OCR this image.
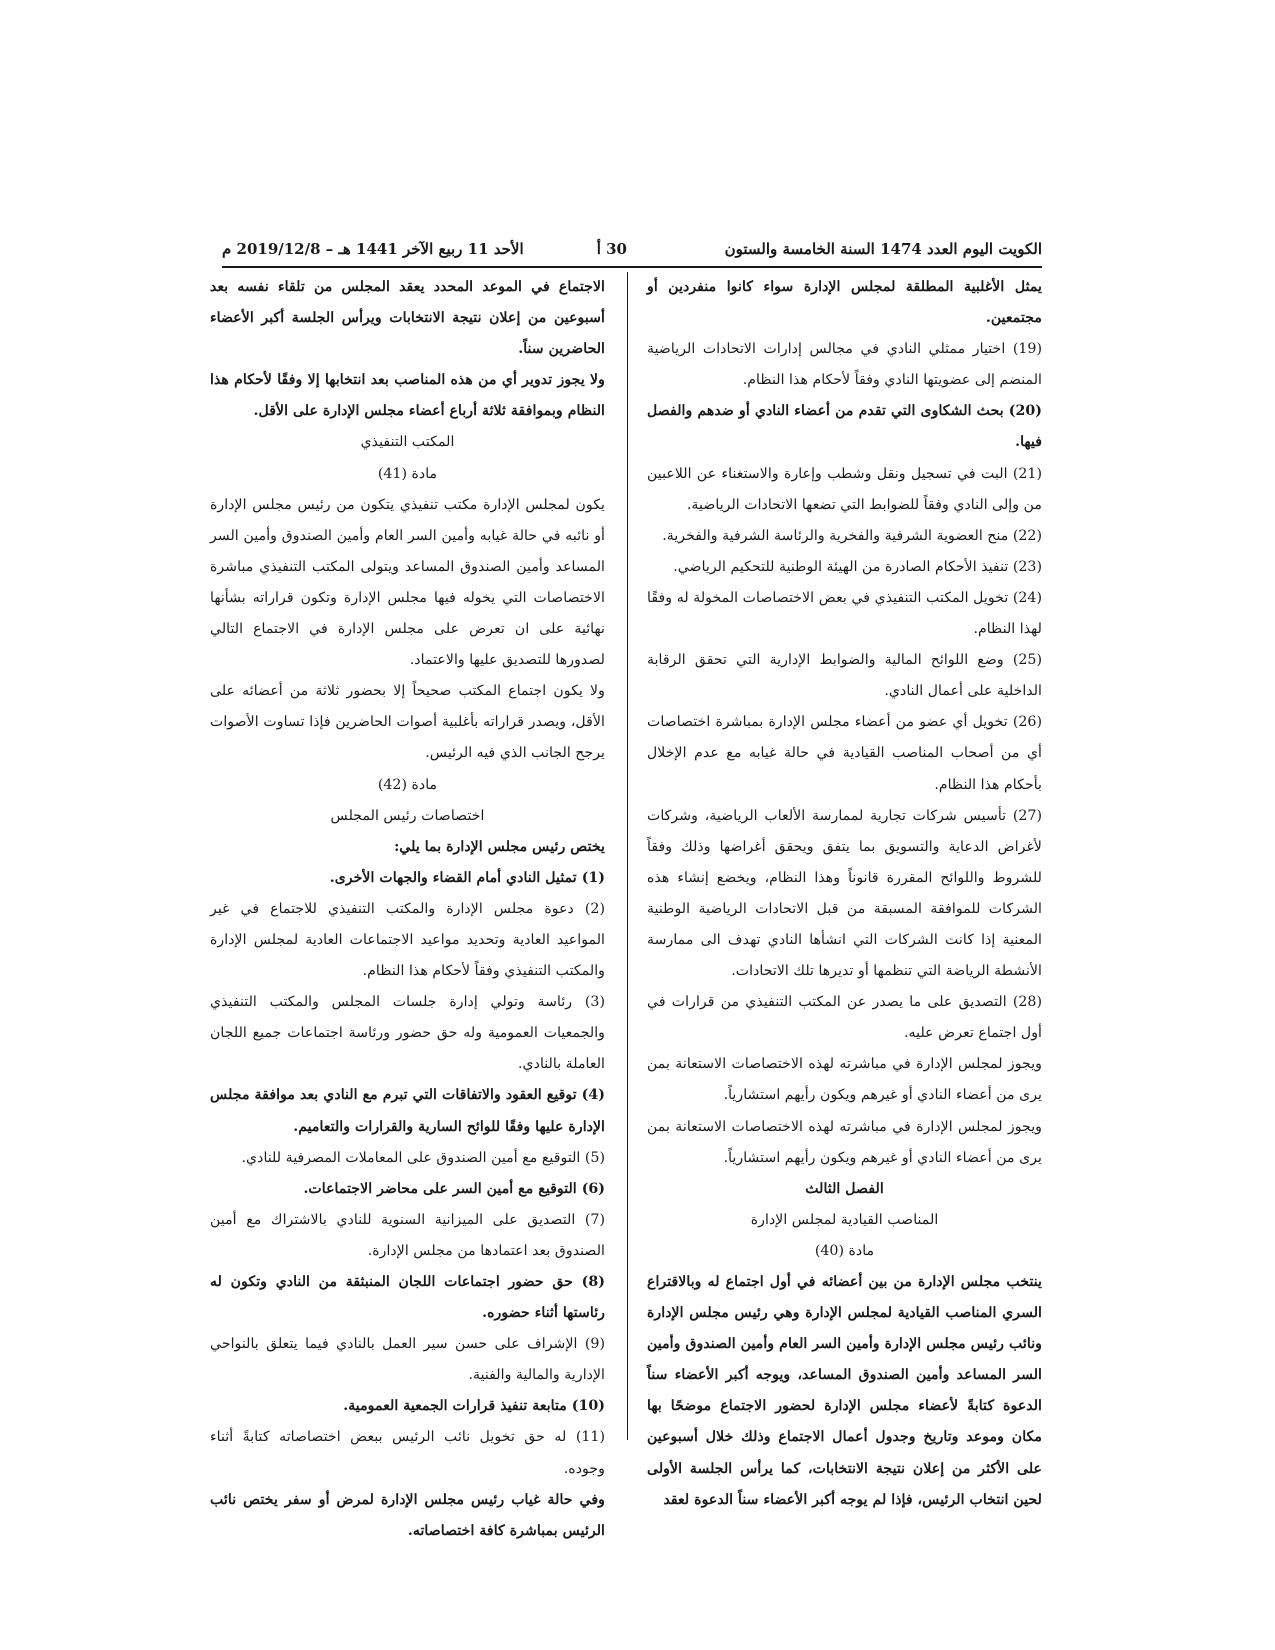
الكويت اليوم العدد 1474 السنة الخامسة والستون
30 أ
الأحد 11 ربيع الآخر 1441 هـ – 2019/12/8 م

يمثل الأغلبية المطلقة لمجلس الإدارة سواء كانوا منفردين أو مجتمعين.

(19) اختيار ممثلي النادي في مجالس إدارات الاتحادات الرياضية المنضم إلى عضويتها النادي وفقاً لأحكام هذا النظام.

(20) بحث الشكاوى التي تقدم من أعضاء النادي أو ضدهم والفصل فيها.

(21) البت في تسجيل ونقل وشطب وإعارة والاستغناء عن اللاعبين من وإلى النادي وفقاً للضوابط التي تضعها الاتحادات الرياضية.

(22) منح العضوية الشرفية والفخرية والرئاسة الشرفية والفخرية.

(23) تنفيذ الأحكام الصادرة من الهيئة الوطنية للتحكيم الرياضي.

(24) تخويل المكتب التنفيذي في بعض الاختصاصات المخولة له وفقًا لهذا النظام.

(25) وضع اللوائح المالية والضوابط الإدارية التي تحقق الرقابة الداخلية على أعمال النادي.

(26) تخويل أي عضو من أعضاء مجلس الإدارة بمباشرة اختصاصات أي من أصحاب المناصب القيادية في حالة غيابه مع عدم الإخلال بأحكام هذا النظام.

(27) تأسيس شركات تجارية لممارسة الألعاب الرياضية، وشركات لأغراض الدعاية والتسويق بما يتفق ويحقق أغراضها وذلك وفقاً للشروط واللوائح المقررة قانوناً وهذا النظام، ويخضع إنشاء هذه الشركات للموافقة المسبقة من قبل الاتحادات الرياضية الوطنية المعنية إذا كانت الشركات التي انشأها النادي تهدف الى ممارسة الأنشطة الرياضة التي تنظمها أو تديرها تلك الاتحادات.

(28) التصديق على ما يصدر عن المكتب التنفيذي من قرارات في أول اجتماع تعرض عليه.

ويجوز لمجلس الإدارة في مباشرته لهذه الاختصاصات الاستعانة بمن يرى من أعضاء النادي أو غيرهم ويكون رأيهم استشارياً.

ويجوز لمجلس الإدارة في مباشرته لهذه الاختصاصات الاستعانة بمن يرى من أعضاء النادي أو غيرهم ويكون رأيهم استشارياً.

الفصل الثالث

المناصب القيادية لمجلس الإدارة

مادة (40)

ينتخب مجلس الإدارة من بين أعضائه في أول اجتماع له وبالاقتراع السري المناصب القيادية لمجلس الإدارة وهي رئيس مجلس الإدارة ونائب رئيس مجلس الإدارة وأمين السر العام وأمين الصندوق وأمين السر المساعد وأمين الصندوق المساعد، ويوجه أكبر الأعضاء سناً الدعوة كتابةً لأعضاء مجلس الإدارة لحضور الاجتماع موضحًا بها مكان وموعد وتاريخ وجدول أعمال الاجتماع وذلك خلال أسبوعين على الأكثر من إعلان نتيجة الانتخابات، كما يرأس الجلسة الأولى لحين انتخاب الرئيس، فإذا لم يوجه أكبر الأعضاء سناً الدعوة لعقد

الاجتماع في الموعد المحدد يعقد المجلس من تلقاء نفسه بعد أسبوعين من إعلان نتيجة الانتخابات ويرأس الجلسة أكبر الأعضاء الحاضرين سناً.

ولا يجوز تدوير أي من هذه المناصب بعد انتخابها إلا وفقًا لأحكام هذا النظام وبموافقة ثلاثة أرباع أعضاء مجلس الإدارة على الأقل.

المكتب التنفيذي

مادة (41)

يكون لمجلس الإدارة مكتب تنفيذي يتكون من رئيس مجلس الإدارة أو نائبه في حالة غيابه وأمين السر العام وأمين الصندوق وأمين السر المساعد وأمين الصندوق المساعد ويتولى المكتب التنفيذي مباشرة الاختصاصات التي يخوله فيها مجلس الإدارة وتكون قراراته بشأنها نهائية على ان تعرض على مجلس الإدارة في الاجتماع التالي لصدورها للتصديق عليها والاعتماد.

ولا يكون اجتماع المكتب صحيحاً إلا بحضور ثلاثة من أعضائه على الأقل، ويصدر قراراته بأغلبية أصوات الحاضرين فإذا تساوت الأصوات يرجح الجانب الذي فيه الرئيس.

مادة (42)

اختصاصات رئيس المجلس

يختص رئيس مجلس الإدارة بما يلي:

(1) تمثيل النادي أمام القضاء والجهات الأخرى.

(2) دعوة مجلس الإدارة والمكتب التنفيذي للاجتماع في غير المواعيد العادية وتحديد مواعيد الاجتماعات العادية لمجلس الإدارة والمكتب التنفيذي وفقاً لأحكام هذا النظام.

(3) رئاسة وتولي إدارة جلسات المجلس والمكتب التنفيذي والجمعيات العمومية وله حق حضور ورئاسة اجتماعات جميع اللجان العاملة بالنادي.

(4) توقيع العقود والاتفاقات التي تبرم مع النادي بعد موافقة مجلس الإدارة عليها وفقًا للوائح السارية والقرارات والتعاميم.

(5) التوقيع مع أمين الصندوق على المعاملات المصرفية للنادي.

(6) التوقيع مع أمين السر على محاضر الاجتماعات.

(7) التصديق على الميزانية السنوية للنادي بالاشتراك مع أمين الصندوق بعد اعتمادها من مجلس الإدارة.

(8) حق حضور اجتماعات اللجان المنبثقة من النادي وتكون له رئاستها أثناء حضوره.

(9) الإشراف على حسن سير العمل بالنادي فيما يتعلق بالنواحي الإدارية والمالية والفنية.

(10) متابعة تنفيذ قرارات الجمعية العمومية.

(11) له حق تخويل نائب الرئيس ببعض اختصاصاته كتابةً أثناء وجوده.

وفي حالة غياب رئيس مجلس الإدارة لمرض أو سفر يختص نائب الرئيس بمباشرة كافة اختصاصاته.
